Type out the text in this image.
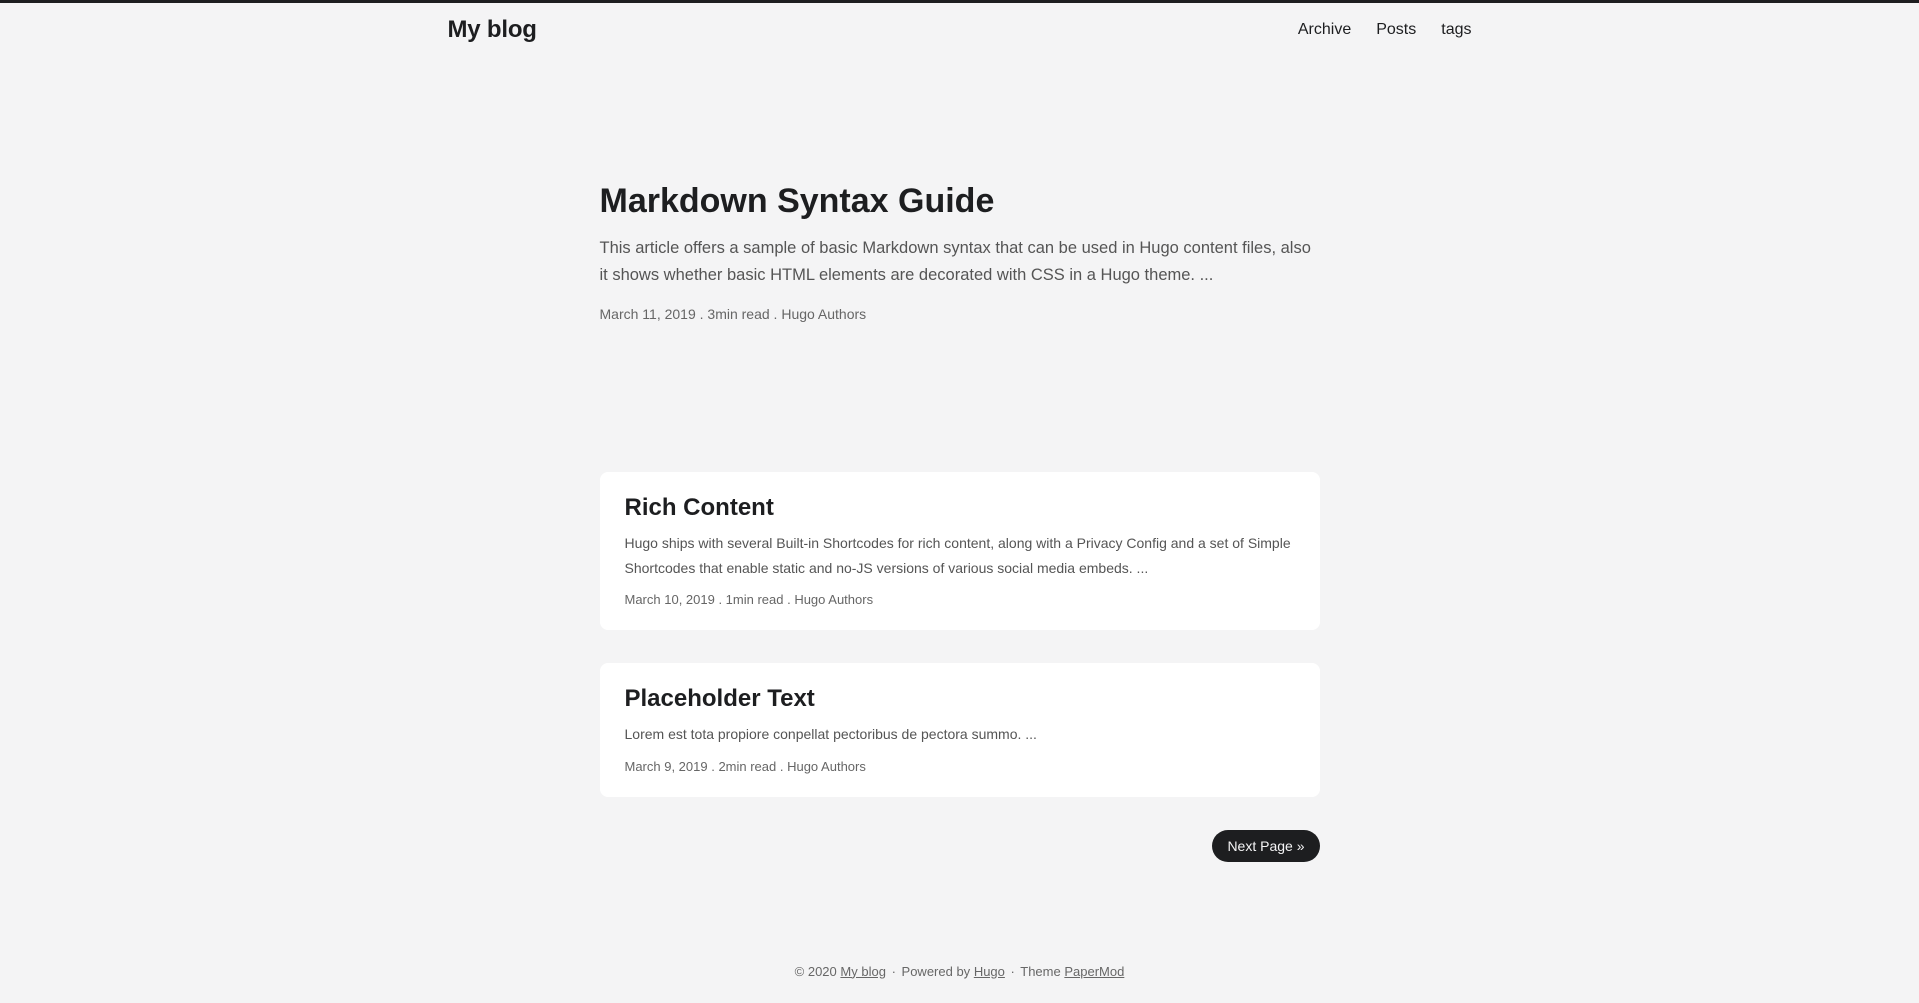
My blog	Archive Posts tags
Markdown Syntax Guide

This article offers a sample of basic Markdown syntax that can be used in Hugo content files, also it shows whether basic HTML elements are decorated with CSS in a Hugo theme. ...

March 11, 2019 . 3min read . Hugo Authors
Rich Content

Hugo ships with several Built-in Shortcodes for rich content, along with a Privacy Config and a set of Simple Shortcodes that enable static and no-JS versions of various social media embeds. ...

March 10, 2019 . 1min read . Hugo Authors
Placeholder Text

Lorem est tota propiore conpellat pectoribus de pectora summo. ...

March 9, 2019 . 2min read . Hugo Authors
Next Page »
© 2020 My blog · Powered by Hugo · Theme PaperMod
